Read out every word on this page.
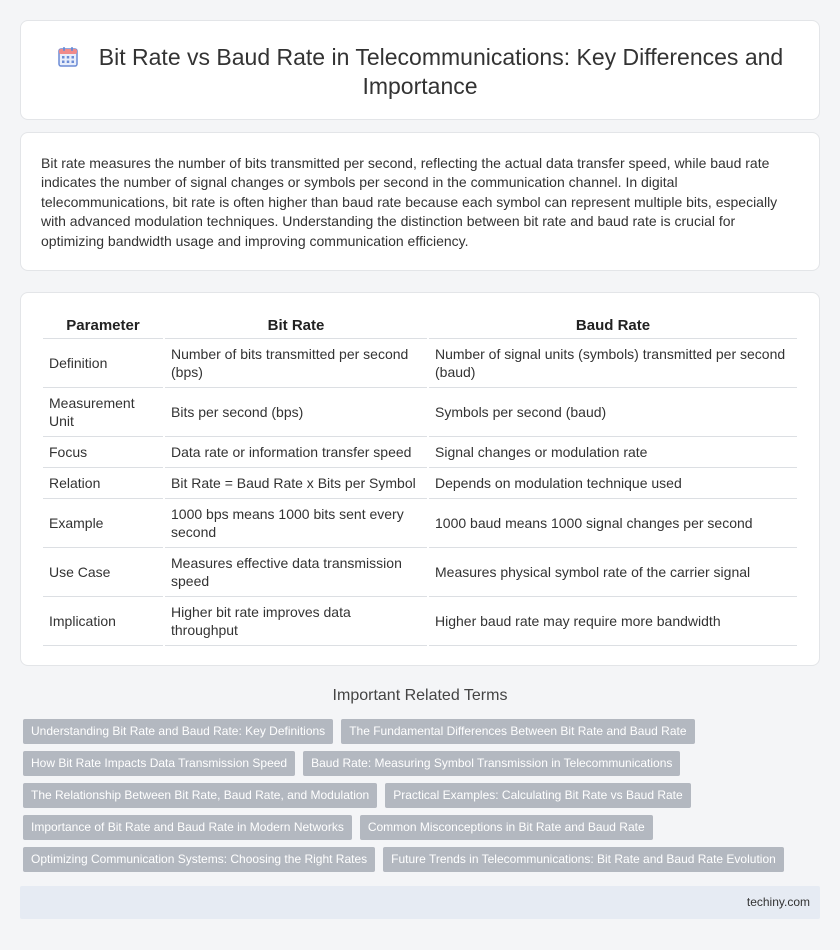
Bit Rate vs Baud Rate in Telecommunications: Key Differences and Importance

Bit rate measures the number of bits transmitted per second, reflecting the actual data transfer speed, while baud rate indicates the number of signal changes or symbols per second in the communication channel. In digital telecommunications, bit rate is often higher than baud rate because each symbol can represent multiple bits, especially with advanced modulation techniques. Understanding the distinction between bit rate and baud rate is crucial for optimizing bandwidth usage and improving communication efficiency.

Parameter	Bit Rate	Baud Rate
Definition	Number of bits transmitted per second (bps)	Number of signal units (symbols) transmitted per second (baud)
Measurement Unit	Bits per second (bps)	Symbols per second (baud)
Focus	Data rate or information transfer speed	Signal changes or modulation rate
Relation	Bit Rate = Baud Rate x Bits per Symbol	Depends on modulation technique used
Example	1000 bps means 1000 bits sent every second	1000 baud means 1000 signal changes per second
Use Case	Measures effective data transmission speed	Measures physical symbol rate of the carrier signal
Implication	Higher bit rate improves data throughput	Higher baud rate may require more bandwidth
Important Related Terms
Understanding Bit Rate and Baud Rate: Key Definitions	The Fundamental Differences Between Bit Rate and Baud Rate
How Bit Rate Impacts Data Transmission Speed	Baud Rate: Measuring Symbol Transmission in Telecommunications
The Relationship Between Bit Rate, Baud Rate, and Modulation	Practical Examples: Calculating Bit Rate vs Baud Rate
Importance of Bit Rate and Baud Rate in Modern Networks	Common Misconceptions in Bit Rate and Baud Rate
Optimizing Communication Systems: Choosing the Right Rates	Future Trends in Telecommunications: Bit Rate and Baud Rate Evolution
techiny.com
